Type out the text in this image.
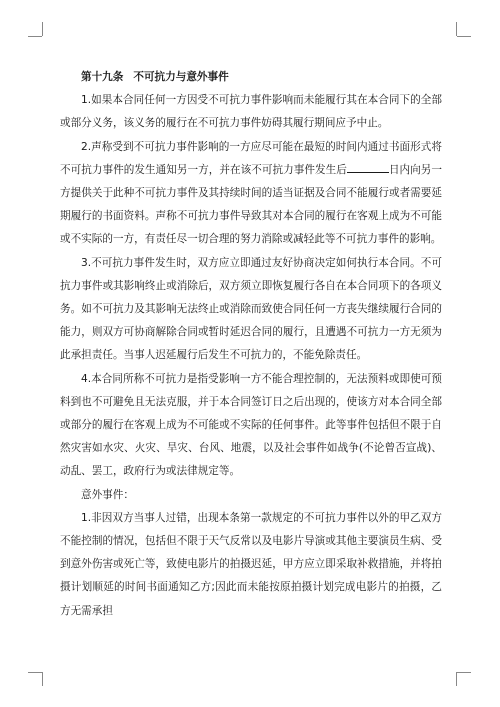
第十九条 不可抗力与意外事件

1.如果本合同任何一方因受不可抗力事件影响而未能履行其在本合同下的全部或部分义务，该义务的履行在不可抗力事件妨碍其履行期间应予中止。

2.声称受到不可抗力事件影响的一方应尽可能在最短的时间内通过书面形式将不可抗力事件的发生通知另一方，并在该不可抗力事件发生后	日内向另一方提供关于此种不可抗力事件及其持续时间的适当证据及合同不能履行或者需要延期履行的书面资料。声称不可抗力事件导致其对本合同的履行在客观上成为不可能或不实际的一方，有责任尽一切合理的努力消除或减轻此等不可抗力事件的影响。

3.不可抗力事件发生时，双方应立即通过友好协商决定如何执行本合同。不可抗力事件或其影响终止或消除后，双方须立即恢复履行各自在本合同项下的各项义务。如不可抗力及其影响无法终止或消除而致使合同任何一方丧失继续履行合同的能力，则双方可协商解除合同或暂时延迟合同的履行，且遭遇不可抗力一方无须为此承担责任。当事人迟延履行后发生不可抗力的，不能免除责任。

4.本合同所称不可抗力是指受影响一方不能合理控制的，无法预料或即使可预料到也不可避免且无法克服，并于本合同签订日之后出现的，使该方对本合同全部或部分的履行在客观上成为不可能或不实际的任何事件。此等事件包括但不限于自然灾害如水灾、火灾、旱灾、台风、地震，以及社会事件如战争(不论曾否宣战)、动乱、罢工，政府行为或法律规定等。

意外事件：

1.非因双方当事人过错，出现本条第一款规定的不可抗力事件以外的甲乙双方不能控制的情况，包括但不限于天气反常以及电影片导演或其他主要演员生病、受到意外伤害或死亡等，致使电影片的拍摄迟延，甲方应立即采取补救措施，并将拍摄计划顺延的时间书面通知乙方;因此而未能按原拍摄计划完成电影片的拍摄，乙方无需承担
